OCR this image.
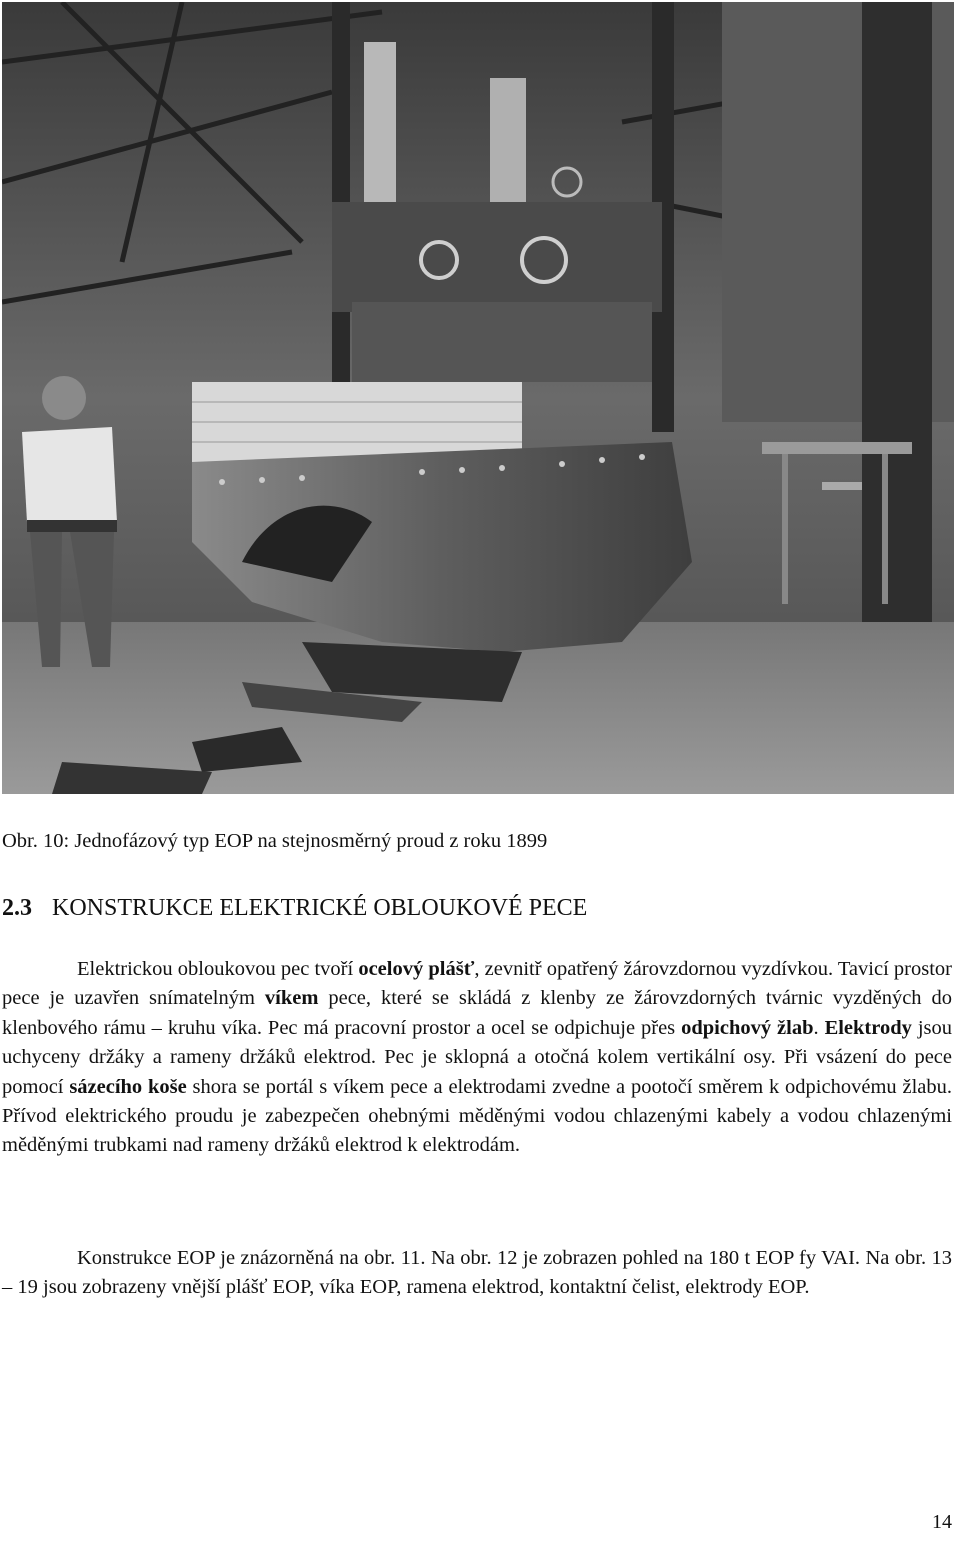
Obr. 10: Jednofázový typ EOP na stejnosměrný proud z roku 1899
2.3 KONSTRUKCE ELEKTRICKÉ OBLOUKOVÉ PECE
Elektrickou obloukovou pec tvoří ocelový plášť, zevnitř opatřený žárovzdornou vyzdívkou. Tavicí prostor pece je uzavřen snímatelným víkem pece, které se skládá z klenby ze žárovzdorných tvárnic vyzděných do klenbového rámu – kruhu víka. Pec má pracovní prostor a ocel se odpichuje přes odpichový žlab. Elektrody jsou uchyceny držáky a rameny držáků elektrod. Pec je sklopná a otočná kolem vertikální osy. Při vsázení do pece pomocí sázecího koše shora se portál s víkem pece a elektrodami zvedne a pootočí směrem k odpichovému žlabu. Přívod elektrického proudu je zabezpečen ohebnými měděnými vodou chlazenými kabely a vodou chlazenými měděnými trubkami nad rameny držáků elektrod k elektrodám.
Konstrukce EOP je znázorněná na obr. 11. Na obr. 12 je zobrazen pohled na 180 t EOP fy VAI. Na obr. 13 – 19 jsou zobrazeny vnější plášť EOP, víka EOP, ramena elektrod, kontaktní čelist, elektrody EOP.
14
